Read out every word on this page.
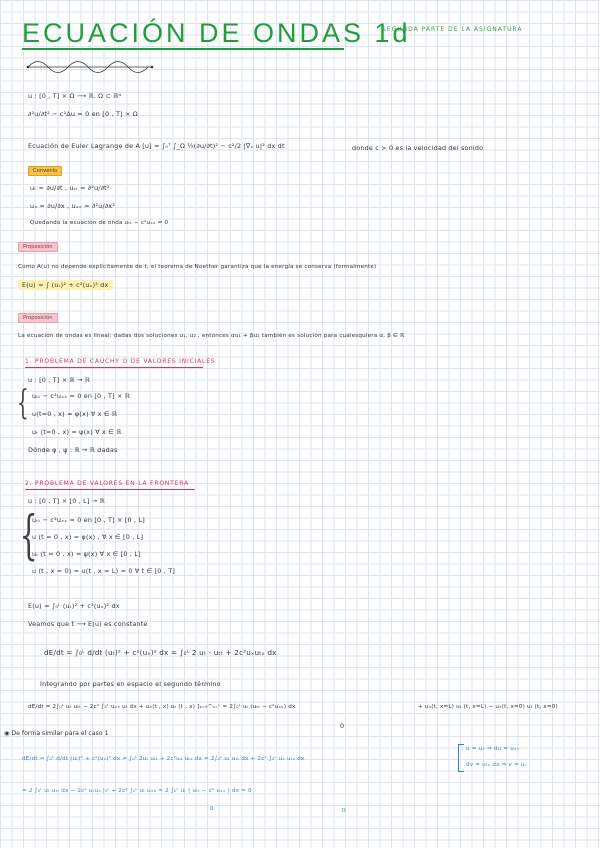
ECUACIÓN DE ONDAS 1d
SEGUNDA PARTE DE LA ASIGNATURA
u : [0 , T] × Ω ⟶ ℝ. Ω ⊂ ℝᵈ
∂²u/∂t² − c²Δu = 0 en [0 , T] × Ω
Ecuación de Euler Lagrange de A [u] = ∫₀ᵀ ∫_Ω ½(∂u/∂t)² − c²/2 |∇ₓ u|² dx dt	donde c > 0 es la velocidad del sonido
Convenio
uₜ = ∂u/∂t , uₜₜ = ∂²u/∂t²
uₓ = ∂u/∂x , uₓₓ = ∂²u/∂x²
Quedando la ecuación de onda uₜₜ − c²uₓₓ = 0
Proposición
Como A(u) no depende explícitamente de t, el teorema de Noether garantiza que la energía se conserva (formalmente)
E(u) = ∫ (uₜ)² + c²(uₓ)² dx
Proposición
La ecuación de ondas es lineal: dadas dos soluciones u₁, u₂ , entonces αu₁ + βu₂ también es solución para cualesquiera α, β ∈ ℝ
1. PROBLEMA DE CAUCHY O DE VALORES INICIALES
u : [0 , T] × ℝ → ℝ
{ uₜₜ − c²uₓₓ = 0 en [0 , T] × ℝ
u(t=0 , x) = φ(x) ∀ x ∈ ℝ
uₜ (t=0 , x) = ψ(x) ∀ x ∈ ℝ
Dónde φ , ψ : ℝ → ℝ dadas
2. PROBLEMA DE VALORES EN LA FRONTERA
u : [0 , T] × [0 , L] → ℝ
{
uₜₜ − c²uₓₓ = 0 en [0 , T] × [0 , L]
u (t = 0 , x) = φ(x) , ∀ x ∈ [0 , L]
uₜ (t = 0 , x) = ψ(x) ∀ x ∈ [0 , L]
u (t , x = 0) = u(t , x = L) = 0 ∀ t ∈ [0 , T]
E(u) = ∫₀ᴸ (uₜ)² + c²(uₓ)² dx
Veamos que t ⟶ E(u) es constante
dE/dt = ∫₀ᴸ d/dt (uₜ)² + c²(uₓ)² dx = ∫₀ᴸ 2 uₜ · uₜₜ + 2c²uₓuₜₓ dx
Integrando por partes en espacio el segundo término
dE/dt = 2∫₀ᴸ uₜ uₜₜ − 2c² ∫₀ᴸ uₓₓ uₜ dx + uₓ(t , x) uₜ (t , x) ]ₓ₌₀^ₓ₌ᴸ = 2∫₀ᴸ uₜ (uₜₜ − c²uₓₓ) dx	+ uₓ(t, x=L) uₜ (t, x=L) − uₓ(t, x=0) uₜ (t, x=0)
0
◉ De forma similar para el caso 1
dE/dt = ∫₀ᴸ d/dt (uₜ)² + c²(uₓ)² dx = ∫₀ᴸ 2uₜ uₜₜ + 2c²uₓ uₜₓ dx = 2∫₀ᴸ uₜ uₜₜ dx + 2c² ∫₀ᴸ uₓ uₜₓ dx
u = uₓ ⇒ du = uₓₓ
dv = uₜₓ dx ⇒ v = uₜ
= 2 ∫₀ᴸ uₜ uₜₜ dx − 2c² uₜuₓ |₀ᴸ + 2c² ∫₀ᴸ uₜ uₓₓ = 2 ∫₀ᴸ uₜ ( uₜₜ − c² uₓₓ ) dx = 0
0	0
